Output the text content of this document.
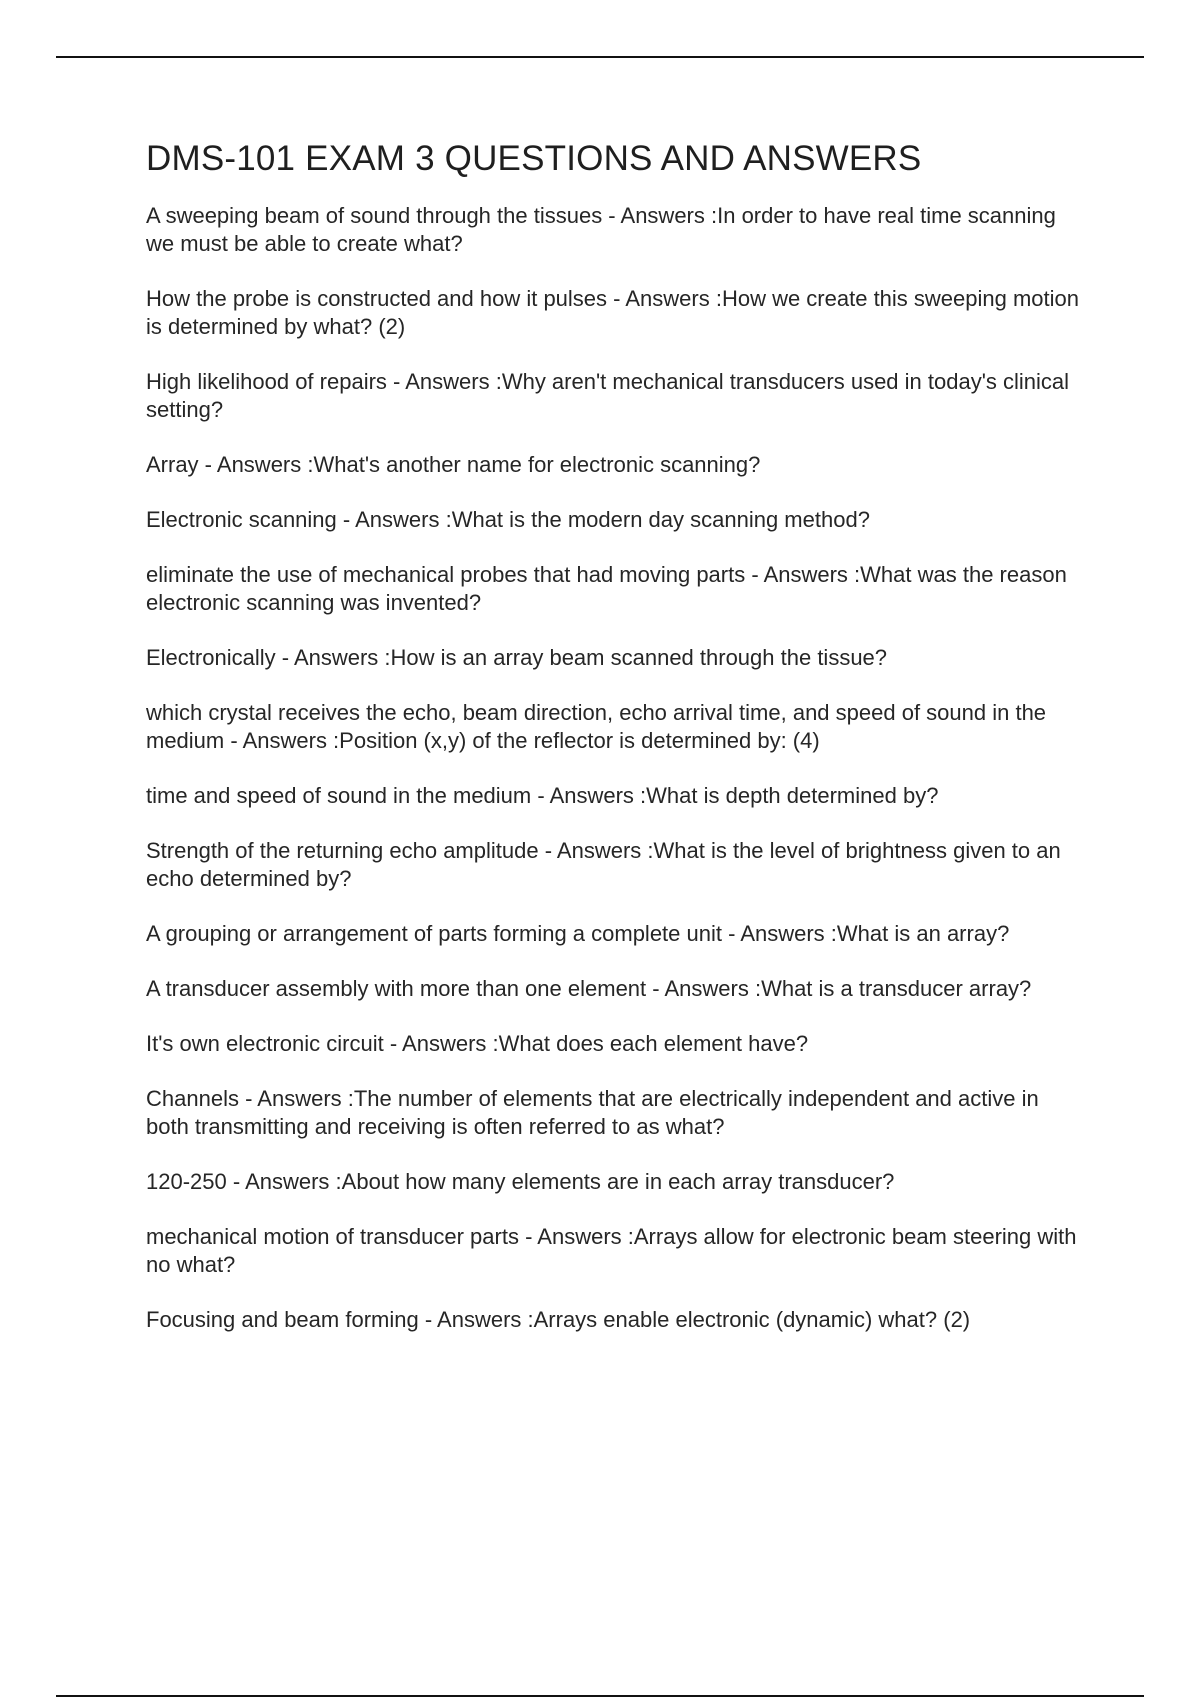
DMS-101 EXAM 3 QUESTIONS AND ANSWERS
A sweeping beam of sound through the tissues - Answers :In order to have real time scanning we must be able to create what?
How the probe is constructed and how it pulses - Answers :How we create this sweeping motion is determined by what? (2)
High likelihood of repairs - Answers :Why aren't mechanical transducers used in today's clinical setting?
Array - Answers :What's another name for electronic scanning?
Electronic scanning - Answers :What is the modern day scanning method?
eliminate the use of mechanical probes that had moving parts - Answers :What was the reason electronic scanning was invented?
Electronically - Answers :How is an array beam scanned through the tissue?
which crystal receives the echo, beam direction, echo arrival time, and speed of sound in the medium - Answers :Position (x,y) of the reflector is determined by: (4)
time and speed of sound in the medium - Answers :What is depth determined by?
Strength of the returning echo amplitude - Answers :What is the level of brightness given to an echo determined by?
A grouping or arrangement of parts forming a complete unit - Answers :What is an array?
A transducer assembly with more than one element - Answers :What is a transducer array?
It's own electronic circuit - Answers :What does each element have?
Channels - Answers :The number of elements that are electrically independent and active in both transmitting and receiving is often referred to as what?
120-250 - Answers :About how many elements are in each array transducer?
mechanical motion of transducer parts - Answers :Arrays allow for electronic beam steering with no what?
Focusing and beam forming - Answers :Arrays enable electronic (dynamic) what? (2)
